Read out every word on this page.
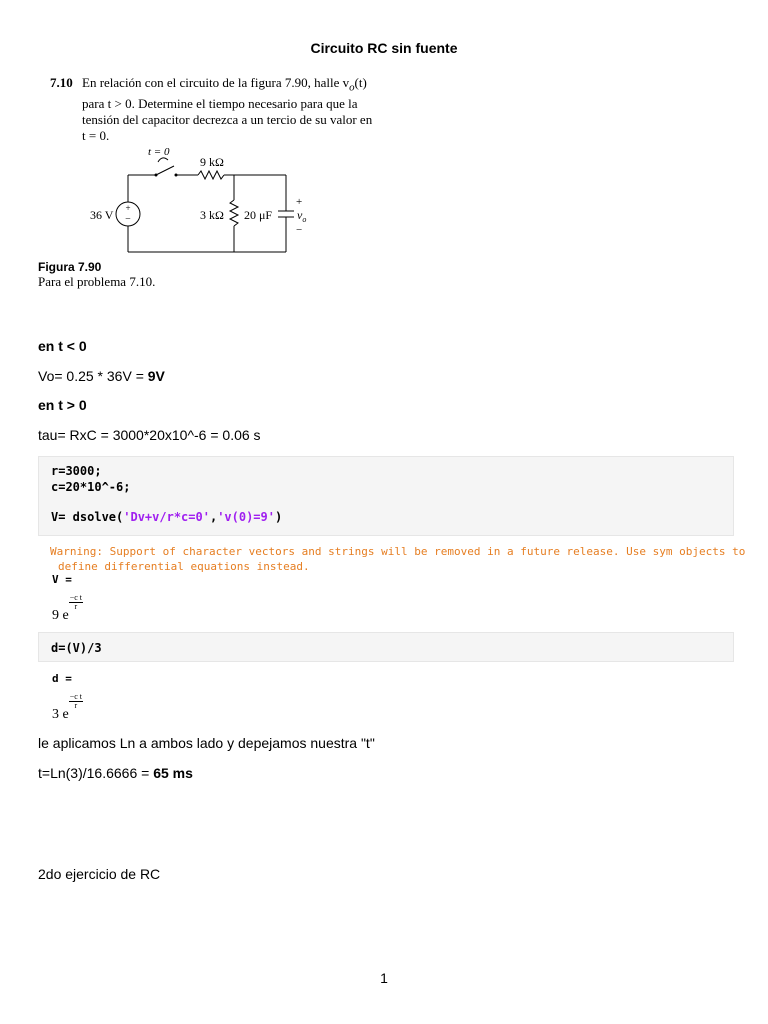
Circuito RC sin fuente
7.10 En relación con el circuito de la figura 7.90, halle $v_o(t)$
para t > 0. Determine el tiempo necesario para que la
tensión del capacitor decrezca a un tercio de su valor en
t = 0.
+
−
t = 0
9 kΩ
36 V	3 kΩ 20 μF
+
$v_o$
−
Figura 7.90
Para el problema 7.10.
en t < 0
Vo= 0.25 * 36V = 9V
en t > 0
tau= RxC = 3000*20x10^-6 = 0.06 s
r=3000;
c=20*10^-6;
V= dsolve('Dv+v/r*c=0','v(0)=9')
Warning: Support of character vectors and strings will be removed in a future release. Use sym objects to
define differential equations instead.
V =
9 e
$\frac{\text{−c t}}{r}$
d=(V)/3
d =
3 e
$\frac{\text{−c t}}{r}$
le aplicamos Ln a ambos lado y depejamos nuestra "t"
t=Ln(3)/16.6666 = 65 ms
2do ejercicio de RC
1
